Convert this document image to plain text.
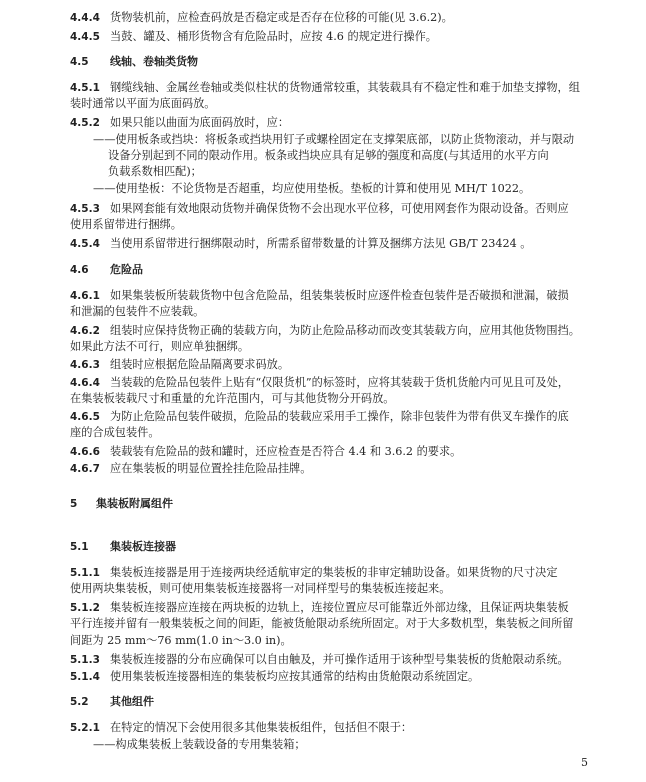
4.4.4 货物装机前，应检查码放是否稳定或是否存在位移的可能(见 3.6.2)。
4.4.5 当鼓、罐及、桶形货物含有危险品时，应按 4.6 的规定进行操作。
4.5 线轴、卷轴类货物
4.5.1 钢缆线轴、金属丝卷轴或类似柱状的货物通常较重，其装载具有不稳定性和难于加垫支撑物，组
装时通常以平面为底面码放。
4.5.2 如果只能以曲面为底面码放时，应：
——使用板条或挡块：将板条或挡块用钉子或螺栓固定在支撑架底部，以防止货物滚动，并与限动
设备分别起到不同的限动作用。板条或挡块应具有足够的强度和高度(与其适用的水平方向
负载系数相匹配)；
——使用垫板：不论货物是否超重，均应使用垫板。垫板的计算和使用见 MH/T 1022。
4.5.3 如果网套能有效地限动货物并确保货物不会出现水平位移，可使用网套作为限动设备。否则应
使用系留带进行捆绑。
4.5.4 当使用系留带进行捆绑限动时，所需系留带数量的计算及捆绑方法见 GB/T 23424 。
4.6 危险品
4.6.1 如果集装板所装载货物中包含危险品，组装集装板时应逐件检查包装件是否破损和泄漏，破损
和泄漏的包装件不应装载。
4.6.2 组装时应保持货物正确的装载方向，为防止危险品移动而改变其装载方向，应用其他货物围挡。
如果此方法不可行，则应单独捆绑。
4.6.3 组装时应根据危险品隔离要求码放。
4.6.4 当装载的危险品包装件上贴有“仅限货机”的标签时，应将其装载于货机货舱内可见且可及处，
在集装板装载尺寸和重量的允许范围内，可与其他货物分开码放。
4.6.5 为防止危险品包装件破损，危险品的装载应采用手工操作，除非包装件为带有供叉车操作的底
座的合成包装件。
4.6.6 装载装有危险品的鼓和罐时，还应检查是否符合 4.4 和 3.6.2 的要求。
4.6.7 应在集装板的明显位置拴挂危险品挂牌。
5 集装板附属组件
5.1 集装板连接器
5.1.1 集装板连接器是用于连接两块经适航审定的集装板的非审定辅助设备。如果货物的尺寸决定
使用两块集装板，则可使用集装板连接器将一对同样型号的集装板连接起来。
5.1.2 集装板连接器应连接在两块板的边轨上，连接位置应尽可能靠近外部边缘，且保证两块集装板
平行连接并留有一般集装板之间的间距，能被货舱限动系统所固定。对于大多数机型，集装板之间所留
间距为 25 mm～76 mm(1.0 in～3.0 in)。
5.1.3 集装板连接器的分布应确保可以自由触及，并可操作适用于该种型号集装板的货舱限动系统。
5.1.4 使用集装板连接器相连的集装板均应按其通常的结构由货舱限动系统固定。
5.2 其他组件
5.2.1 在特定的情况下会使用很多其他集装板组件，包括但不限于：
——构成集装板上装载设备的专用集装箱；
5
